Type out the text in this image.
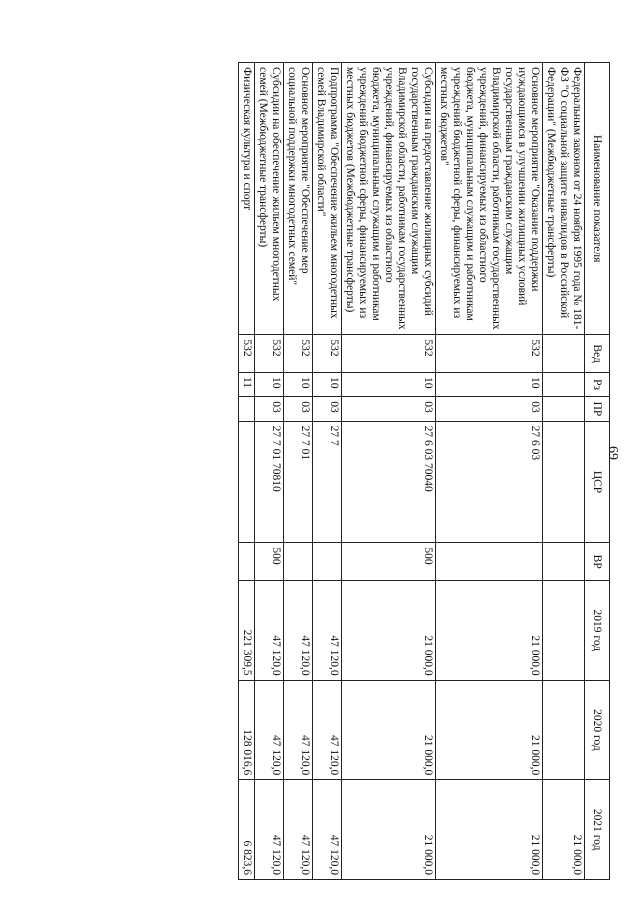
69
Наименование показателя	Вед	Рз	ПР	ЦСР	ВР	2019 год	2020 год	2021 год
Федеральным законом от 24 ноября 1995 года № 181-ФЗ "О социальной защите инвалидов в Российской Федерации" (Межбюджетные трансферты)								21 000,0
Основное мероприятие "Оказание поддержки нуждающимся в улучшении жилищных условий государственным гражданским служащим Владимирской области, работникам государственных учреждений, финансируемых из областного бюджета, муниципальным служащим и работникам учреждений бюджетной сферы, финансируемых из местных бюджетов"	532	10	03	27 6 03		21 000,0	21 000,0	21 000,0
Субсидии на предоставление жилищных субсидий государственным гражданским служащим Владимирской области, работникам государственных учреждений, финансируемых из областного бюджета, муниципальным служащим и работникам учреждений бюджетной сферы, финансируемых из местных бюджетов (Межбюджетные трансферты)	532	10	03	27 6 03 70040	500	21 000,0	21 000,0	21 000,0
Подпрограмма "Обеспечение жильем многодетных семей Владимирской области"	532	10	03	27 7		47 120,0	47 120,0	47 120,0
Основное мероприятие "Обеспечение мер социальной поддержки многодетных семей"	532	10	03	27 7 01		47 120,0	47 120,0	47 120,0
Субсидии на обеспечение жильем многодетных семей (Межбюджетные трансферты)	532	10	03	27 7 01 70810	500	47 120,0	47 120,0	47 120,0
Физическая культура и спорт	532	11				221 309,5	128 016,6	6 823,6
